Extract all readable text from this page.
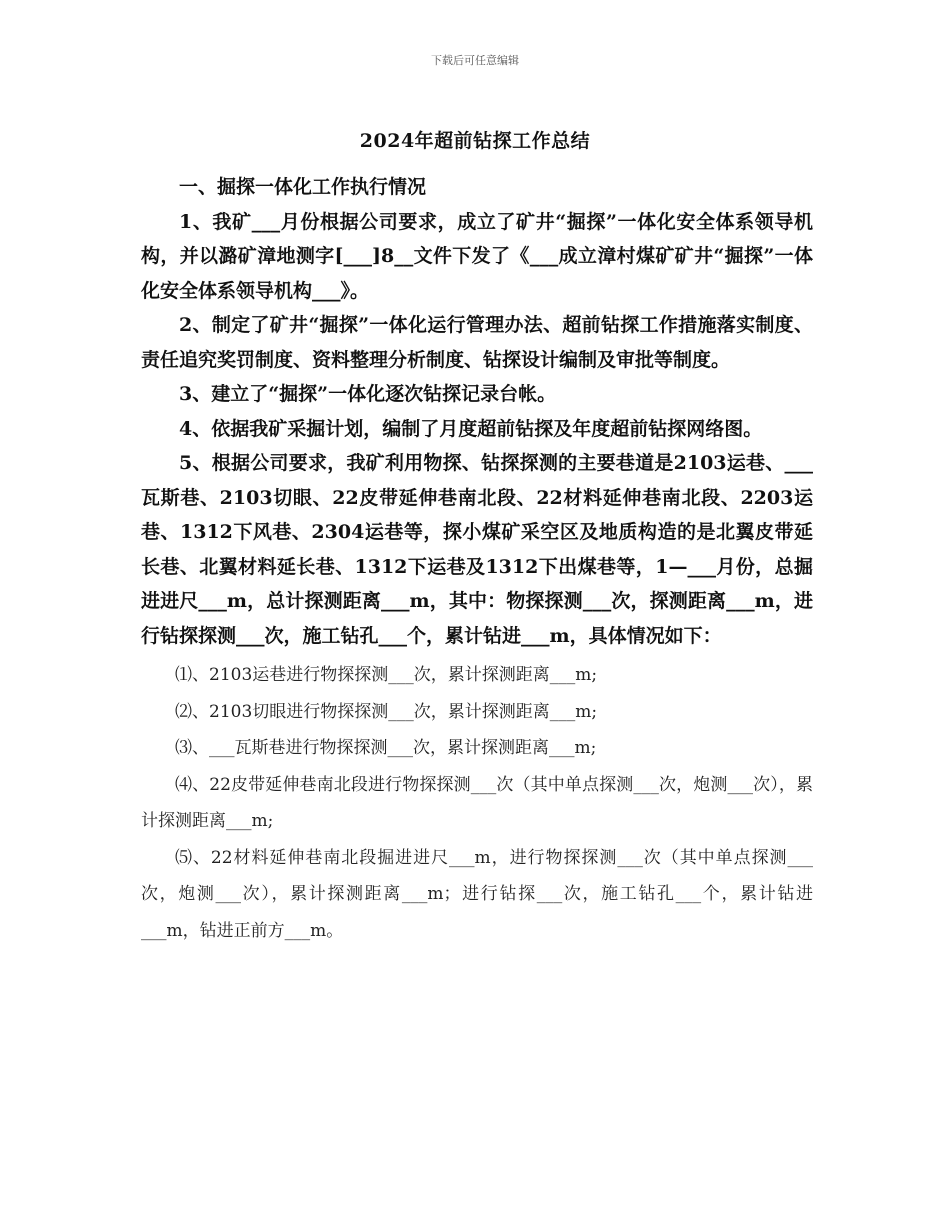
下载后可任意编辑
2024年超前钻探工作总结

一、掘探一体化工作执行情况

1、我矿___月份根据公司要求，成立了矿井“掘探”一体化安全体系领导机构，并以潞矿漳地测字[___]8__文件下发了《___成立漳村煤矿矿井“掘探”一体化安全体系领导机构___》。

2、制定了矿井“掘探”一体化运行管理办法、超前钻探工作措施落实制度、责任追究奖罚制度、资料整理分析制度、钻探设计编制及审批等制度。

3、建立了“掘探”一体化逐次钻探记录台帐。

4、依据我矿采掘计划，编制了月度超前钻探及年度超前钻探网络图。

5、根据公司要求，我矿利用物探、钻探探测的主要巷道是2103运巷、___瓦斯巷、2103切眼、22皮带延伸巷南北段、22材料延伸巷南北段、2203运巷、1312下风巷、2304运巷等，探小煤矿采空区及地质构造的是北翼皮带延长巷、北翼材料延长巷、1312下运巷及1312下出煤巷等，1—___月份，总掘进进尺___m，总计探测距离___m，其中：物探探测___次，探测距离___m，进行钻探探测___次，施工钻孔___个，累计钻进___m，具体情况如下：

⑴、2103运巷进行物探探测___次，累计探测距离___m;

⑵、2103切眼进行物探探测___次，累计探测距离___m;

⑶、___瓦斯巷进行物探探测___次，累计探测距离___m;

⑷、22皮带延伸巷南北段进行物探探测___次（其中单点探测___次，炮测___次），累计探测距离___m;

⑸、22材料延伸巷南北段掘进进尺___m，进行物探探测___次（其中单点探测___次，炮测___次），累计探测距离___m；进行钻探___次，施工钻孔___个，累计钻进___m，钻进正前方___m。
